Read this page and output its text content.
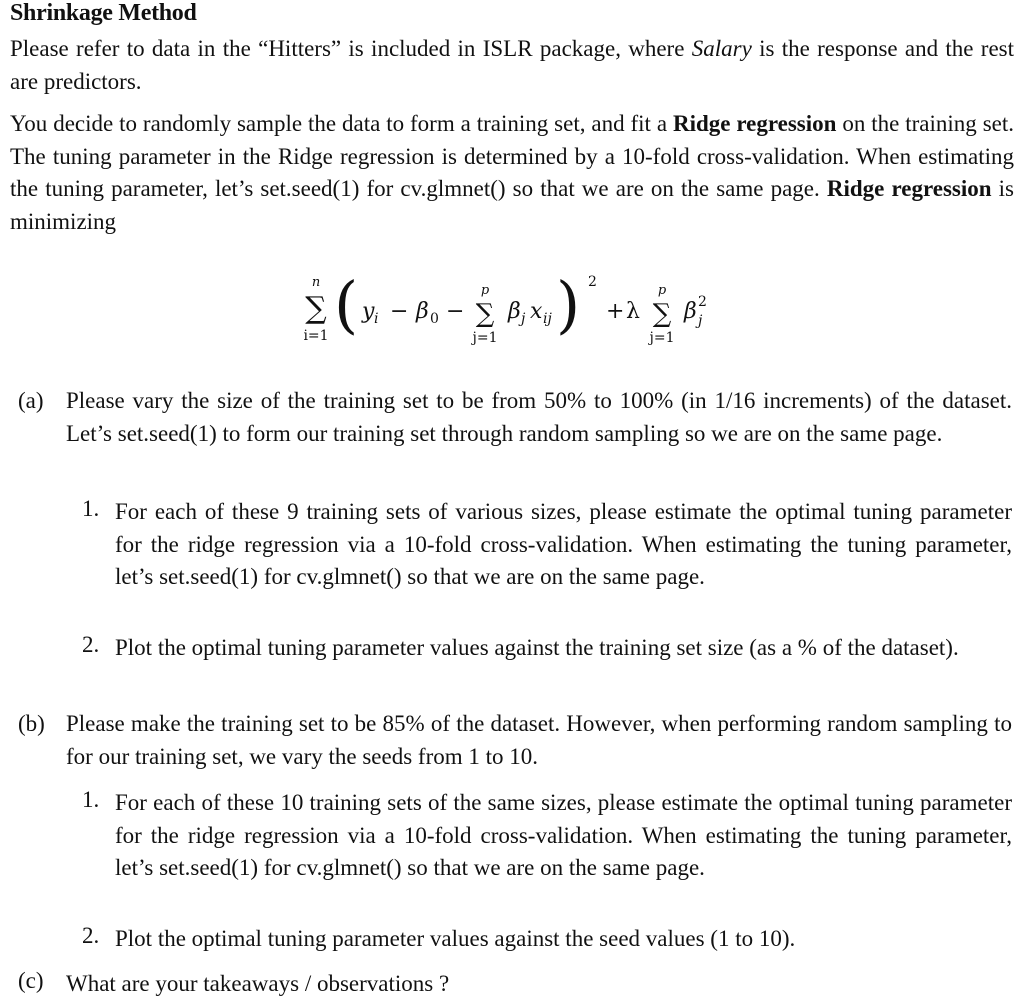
Shrinkage Method
Please refer to data in the “Hitters” is included in ISLR package, where Salary is the response and the rest are predictors.
You decide to randomly sample the data to form a training set, and fit a Ridge regression on the training set. The tuning parameter in the Ridge regression is determined by a 10-fold cross-validation. When estimating the tuning parameter, let’s set.seed(1) for cv.glmnet() so that we are on the same page. Ridge regression is minimizing
n
∑
i=1 ( y i − β 0 −
p
∑
j=1
β j x ij ) 2
+ λ
p
∑
j=1
β 2
j
(a) Please vary the size of the training set to be from 50% to 100% (in 1/16 increments) of the dataset. Let’s set.seed(1) to form our training set through random sampling so we are on the same page.
1. For each of these 9 training sets of various sizes, please estimate the optimal tuning parameter for the ridge regression via a 10-fold cross-validation. When estimating the tuning parameter, let’s set.seed(1) for cv.glmnet() so that we are on the same page.
2. Plot the optimal tuning parameter values against the training set size (as a % of the dataset).
(b) Please make the training set to be 85% of the dataset. However, when performing random sampling to for our training set, we vary the seeds from 1 to 10.
1. For each of these 10 training sets of the same sizes, please estimate the optimal tuning parameter for the ridge regression via a 10-fold cross-validation. When estimating the tuning parameter, let’s set.seed(1) for cv.glmnet() so that we are on the same page.
2. Plot the optimal tuning parameter values against the seed values (1 to 10).
(c) What are your takeaways / observations ?
